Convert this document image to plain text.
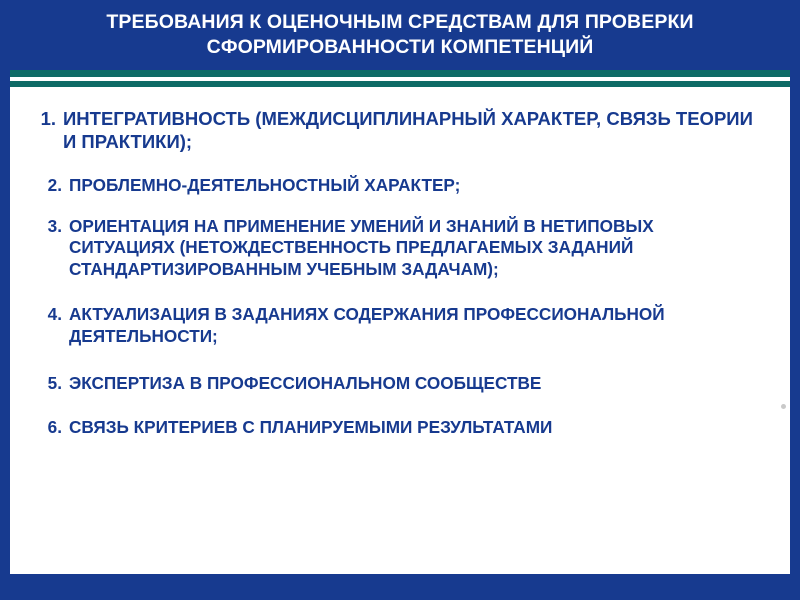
ТРЕБОВАНИЯ К ОЦЕНОЧНЫМ СРЕДСТВАМ ДЛЯ ПРОВЕРКИ СФОРМИРОВАННОСТИ КОМПЕТЕНЦИЙ
1. ИНТЕГРАТИВНОСТЬ (МЕЖДИСЦИПЛИНАРНЫЙ ХАРАКТЕР, СВЯЗЬ ТЕОРИИ И ПРАКТИКИ);
2. ПРОБЛЕМНО-ДЕЯТЕЛЬНОСТНЫЙ ХАРАКТЕР;
3. ОРИЕНТАЦИЯ НА ПРИМЕНЕНИЕ УМЕНИЙ И ЗНАНИЙ В НЕТИПОВЫХ СИТУАЦИЯХ (НЕТОЖДЕСТВЕННОСТЬ ПРЕДЛАГАЕМЫХ ЗАДАНИЙ СТАНДАРТИЗИРОВАННЫМ УЧЕБНЫМ ЗАДАЧАМ);
4. АКТУАЛИЗАЦИЯ В ЗАДАНИЯХ СОДЕРЖАНИЯ ПРОФЕССИОНАЛЬНОЙ ДЕЯТЕЛЬНОСТИ;
5. ЭКСПЕРТИЗА В ПРОФЕССИОНАЛЬНОМ СООБЩЕСТВЕ
6. СВЯЗЬ КРИТЕРИЕВ С ПЛАНИРУЕМЫМИ РЕЗУЛЬТАТАМИ
